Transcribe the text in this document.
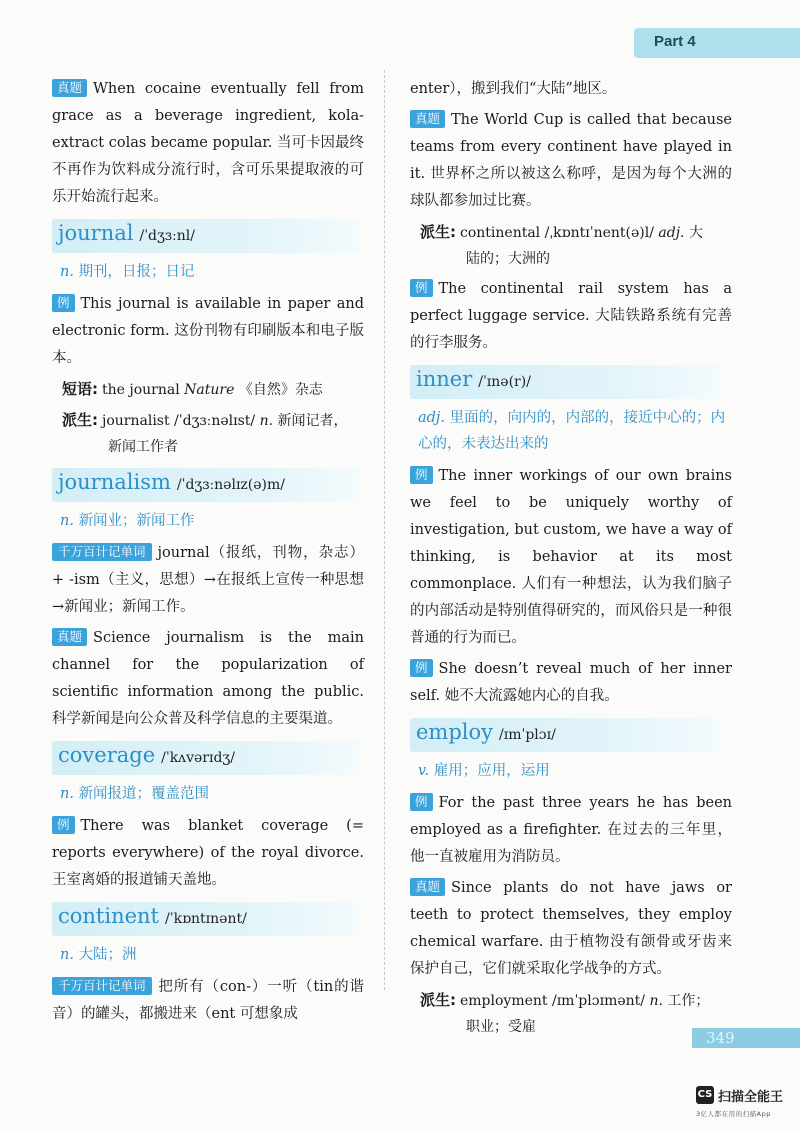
Part 4

真题 When cocaine eventually fell from grace as a beverage ingredient, kola-extract colas became popular. 当可卡因最终不再作为饮料成分流行时，含可乐果提取液的可乐开始流行起来。

journal /ˈdʒɜːnl/
n. 期刊，日报；日记

例 This journal is available in paper and electronic form. 这份刊物有印刷版本和电子版本。

短语: the journal Nature 《自然》杂志
派生: journalist /ˈdʒɜːnəlɪst/ n. 新闻记者，
新闻工作者
journalism /ˈdʒɜːnəlɪz(ə)m/
n. 新闻业；新闻工作

千万百计记单词 journal（报纸，刊物，杂志）+ -ism（主义，思想）→在报纸上宣传一种思想→新闻业；新闻工作。

真题 Science journalism is the main channel for the popularization of scientific information among the public. 科学新闻是向公众普及科学信息的主要渠道。

coverage /ˈkʌvərɪdʒ/
n. 新闻报道；覆盖范围

例 There was blanket coverage (= reports everywhere) of the royal divorce. 王室离婚的报道铺天盖地。

continent /ˈkɒntɪnənt/
n. 大陆；洲

千万百计记单词 把所有（con-）一听（tin的谐音）的罐头，都搬进来（ent 可想象成

enter），搬到我们“大陆”地区。

真题 The World Cup is called that because teams from every continent have played in it. 世界杯之所以被这么称呼，是因为每个大洲的球队都参加过比赛。

派生: continental /ˌkɒntɪˈnent(ə)l/ adj. 大
陆的；大洲的

例 The continental rail system has a perfect luggage service. 大陆铁路系统有完善的行李服务。

inner /ˈɪnə(r)/
adj. 里面的，向内的，内部的，接近中心的；内心的，未表达出来的

例 The inner workings of our own brains we feel to be uniquely worthy of investigation, but custom, we have a way of thinking, is behavior at its most commonplace. 人们有一种想法，认为我们脑子的内部活动是特别值得研究的，而风俗只是一种很普通的行为而已。

例 She doesn’t reveal much of her inner self. 她不大流露她内心的自我。

employ /ɪmˈplɔɪ/
v. 雇用；应用，运用

例 For the past three years he has been employed as a firefighter. 在过去的三年里，他一直被雇用为消防员。

真题 Since plants do not have jaws or teeth to protect themselves, they employ chemical warfare. 由于植物没有颌骨或牙齿来保护自己，它们就采取化学战争的方式。

派生: employment /ɪmˈplɔɪmənt/ n. 工作；
职业；受雇
349
CS 扫描全能王
3亿人都在用的扫描App
